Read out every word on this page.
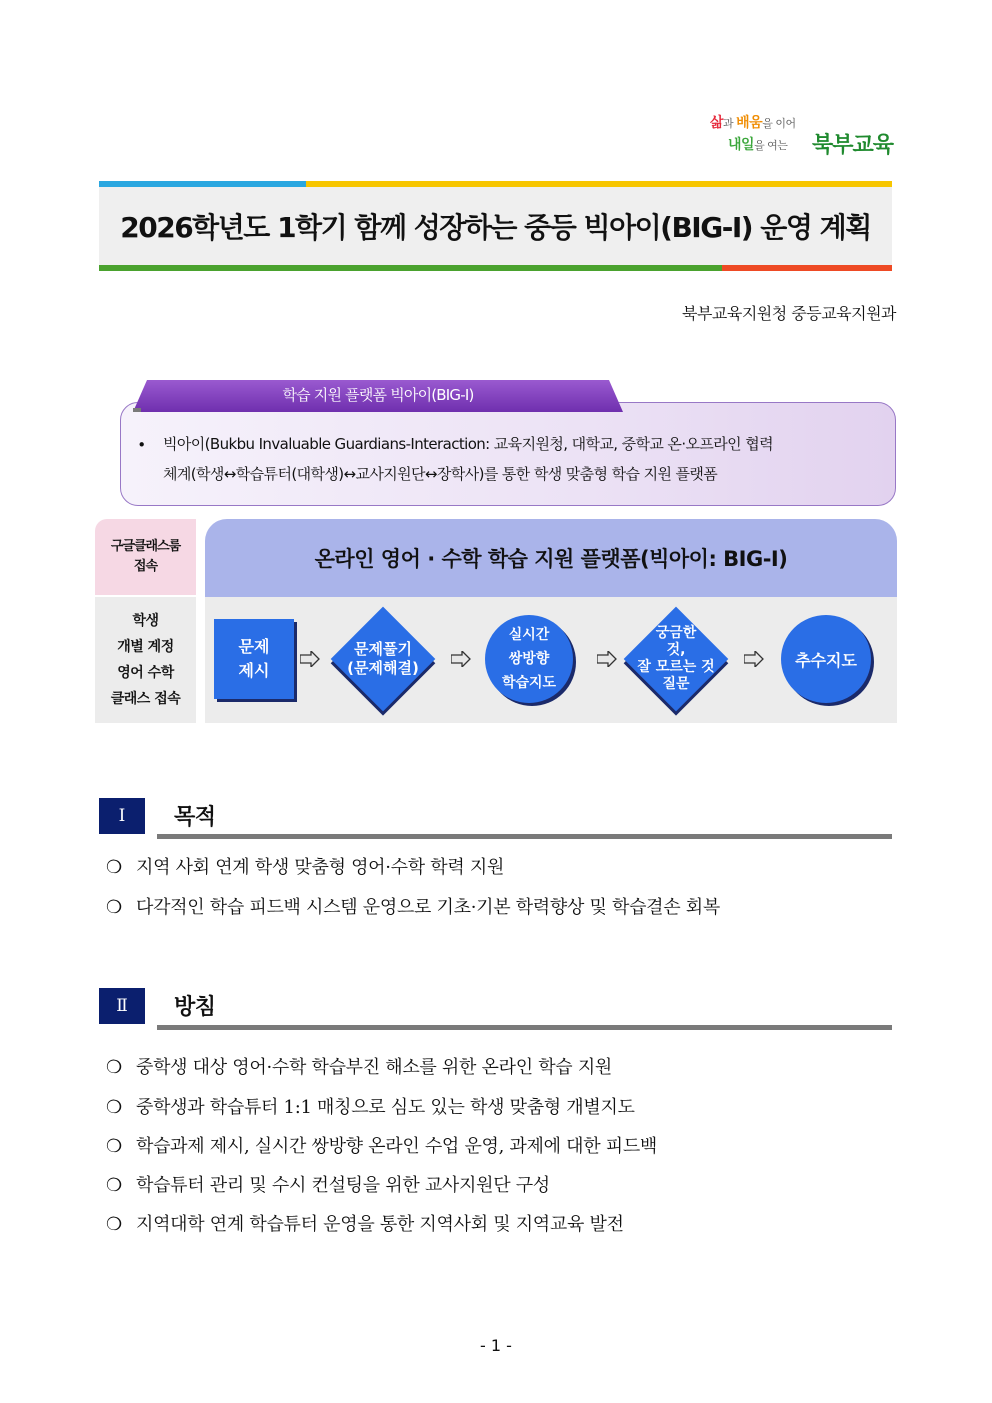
삶과 배움을 이어
내일을 여는 북부교육
2026학년도 1학기 함께 성장하는 중등 빅아이(BIG-I) 운영 계획
북부교육지원청 중등교육지원과
∙	빅아이(Bukbu Invaluable Guardians-Interaction: 교육지원청, 대학교, 중학교 온·오프라인 협력
체계(학생↔학습튜터(대학생)↔교사지원단↔장학사)를 통한 학생 맞춤형 학습 지원 플랫폼
학습 지원 플랫폼 빅아이(BIG-I)
구글클래스룸
접속
학생
개별 계정
영어 수학
클래스 접속
온라인 영어 · 수학 학습 지원 플랫폼(빅아이: BIG-I)
문제
제시
문제풀기
(문제해결)
실시간
쌍방향
학습지도
궁금한
것,
잘 모르는 것
질문
추수지도
Ⅰ	목적
❍ 지역 사회 연계 학생 맞춤형 영어·수학 학력 지원
❍ 다각적인 학습 피드백 시스템 운영으로 기초·기본 학력향상 및 학습결손 회복
Ⅱ	방침
❍ 중학생 대상 영어·수학 학습부진 해소를 위한 온라인 학습 지원
❍ 중학생과 학습튜터 1:1 매칭으로 심도 있는 학생 맞춤형 개별지도
❍ 학습과제 제시, 실시간 쌍방향 온라인 수업 운영, 과제에 대한 피드백
❍ 학습튜터 관리 및 수시 컨설팅을 위한 교사지원단 구성
❍ 지역대학 연계 학습튜터 운영을 통한 지역사회 및 지역교육 발전
- 1 -
